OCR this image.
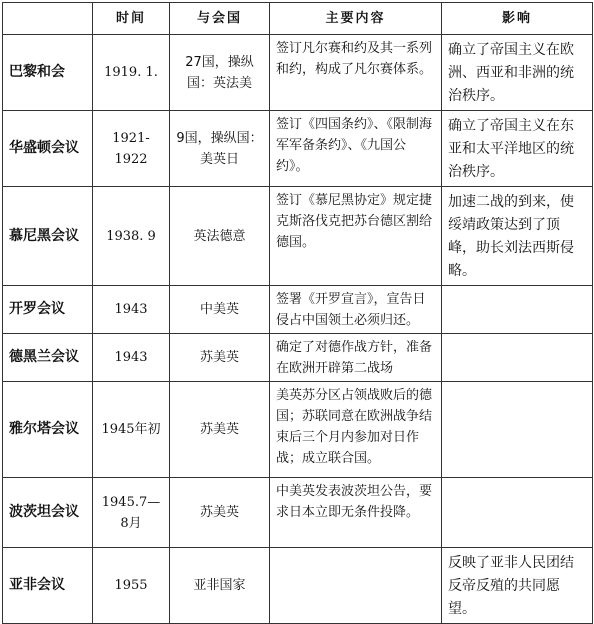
	时间	与会国	主要内容	影响
巴黎和会	1919. 1.	27国，操纵国：英法美	签订凡尔赛和约及其一系列和约，构成了凡尔赛体系。	确立了帝国主义在欧洲、西亚和非洲的统治秩序。
华盛顿会议	1921-1922	9国，操纵国：美英日	签订《四国条约》、《限制海军军备条约》、《九国公约》。	确立了帝国主义在东亚和太平洋地区的统治秩序。
慕尼黑会议	1938. 9	英法德意	签订《慕尼黑协定》规定捷克斯洛伐克把苏台德区割给德国。	加速二战的到来，使绥靖政策达到了顶峰，助长刘法西斯侵略。
开罗会议	1943	中美英	签署《开罗宣言》，宣告日侵占中国领土必须归还。	
德黑兰会议	1943	苏美英	确定了对德作战方针，准备在欧洲开辟第二战场	
雅尔塔会议	1945年初	苏美英	美英苏分区占领战败后的德国；苏联同意在欧洲战争结束后三个月内参加对日作战；成立联合国。	
波茨坦会议	1945.7—8月	苏美英	中美英发表波茨坦公告，要求日本立即无条件投降。	
亚非会议	1955	亚非国家		反映了亚非人民团结反帝反殖的共同愿望。
